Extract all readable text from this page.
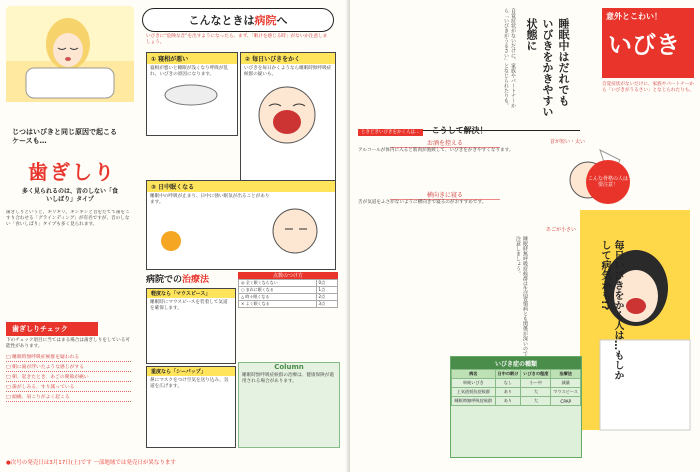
じつはいびきと同じ原因で起こるケースも…
歯ぎしり
多く見られるのは、音のしない「食いしばり」タイプ
歯ぎしりというと、ギリギリ、ギシギシと音をたてて歯をこすり合わせる「グラインディング」が有名ですが、音のしない「食いしばり」タイプも多く見られます。
歯ぎしりチェック
下のチェック項目に当てはまる場合は歯ぎしりをしている可能性があります。
□ 睡眠時無呼吸症候群を疑われる
□ 朝に歯が浮いたような感じがする
□ 朝、起きたとき、あごの関節が痛い
□ 歯がしみる、すり減っている
□ 頭痛、肩こりがよく起こる
こんなときは 病院 へ
いびきに“危険な音”を出すようになったら、まず、「眠けを感じる時」がないか注意しましょう。
① 寝相が悪い
寝相が悪いと睡眠が浅くなり呼吸が乱れ、いびきの原因になります。
② 毎日いびきをかく
いびきを毎日かくようなら睡眠時無呼吸症候群の疑いも。
③ 日中眠くなる
睡眠中の呼吸が止まり、日中に強い眠気が出ることがあります。
点数のつけ方
◎ 全く眠くならない	0点
○ まれに眠くなる	1点
△ 時々眠くなる	2点
× よく眠くなる	3点
病院での治療法
軽度なら「マウスピース」
睡眠時にマウスピースを装着して気道を確保します。
重度なら「シーパップ」
鼻にマスクをつけ空気を送り込み、気道を広げます。
Column
睡眠時無呼吸症候群の治療は、健康保険が適用される場合があります。
●次号の発売日は3月17日(土)です 一部地域では発売日が異なります
自覚症状がないだけに、家族やパートナーから「いびきがうるさい」となじられたりも。	睡眠中はだれでも
いびきをかきやすい
状態に
意外とこわい！
いびき
自覚症状がないだけに、家族やパートナーから「いびきがうるさい」となじられたりも。
ときどきいびきをかく人は… こうして解決！
お酒を控える
アルコールが体内に入ると筋肉が弛緩して、いびきをかきやすくなります。
横向きに寝る
舌が気道をふさがないように横向きで寝るのがおすすめです。
こんな骨格の人は要注意！
首が短い・太い
あごが小さい
毎日いびきをかく人は…もしかして病気かも!?
睡眠時無呼吸症候群は生活習慣病とも関係が深いので注意しましょう。
いびき症の種類
病名	日中の眠け	いびきの程度	治療法
単純いびき	なし	小〜中	減量
上気道抵抗症候群	あり	大	マウスピース
睡眠時無呼吸症候群	あり	大	CPAP
